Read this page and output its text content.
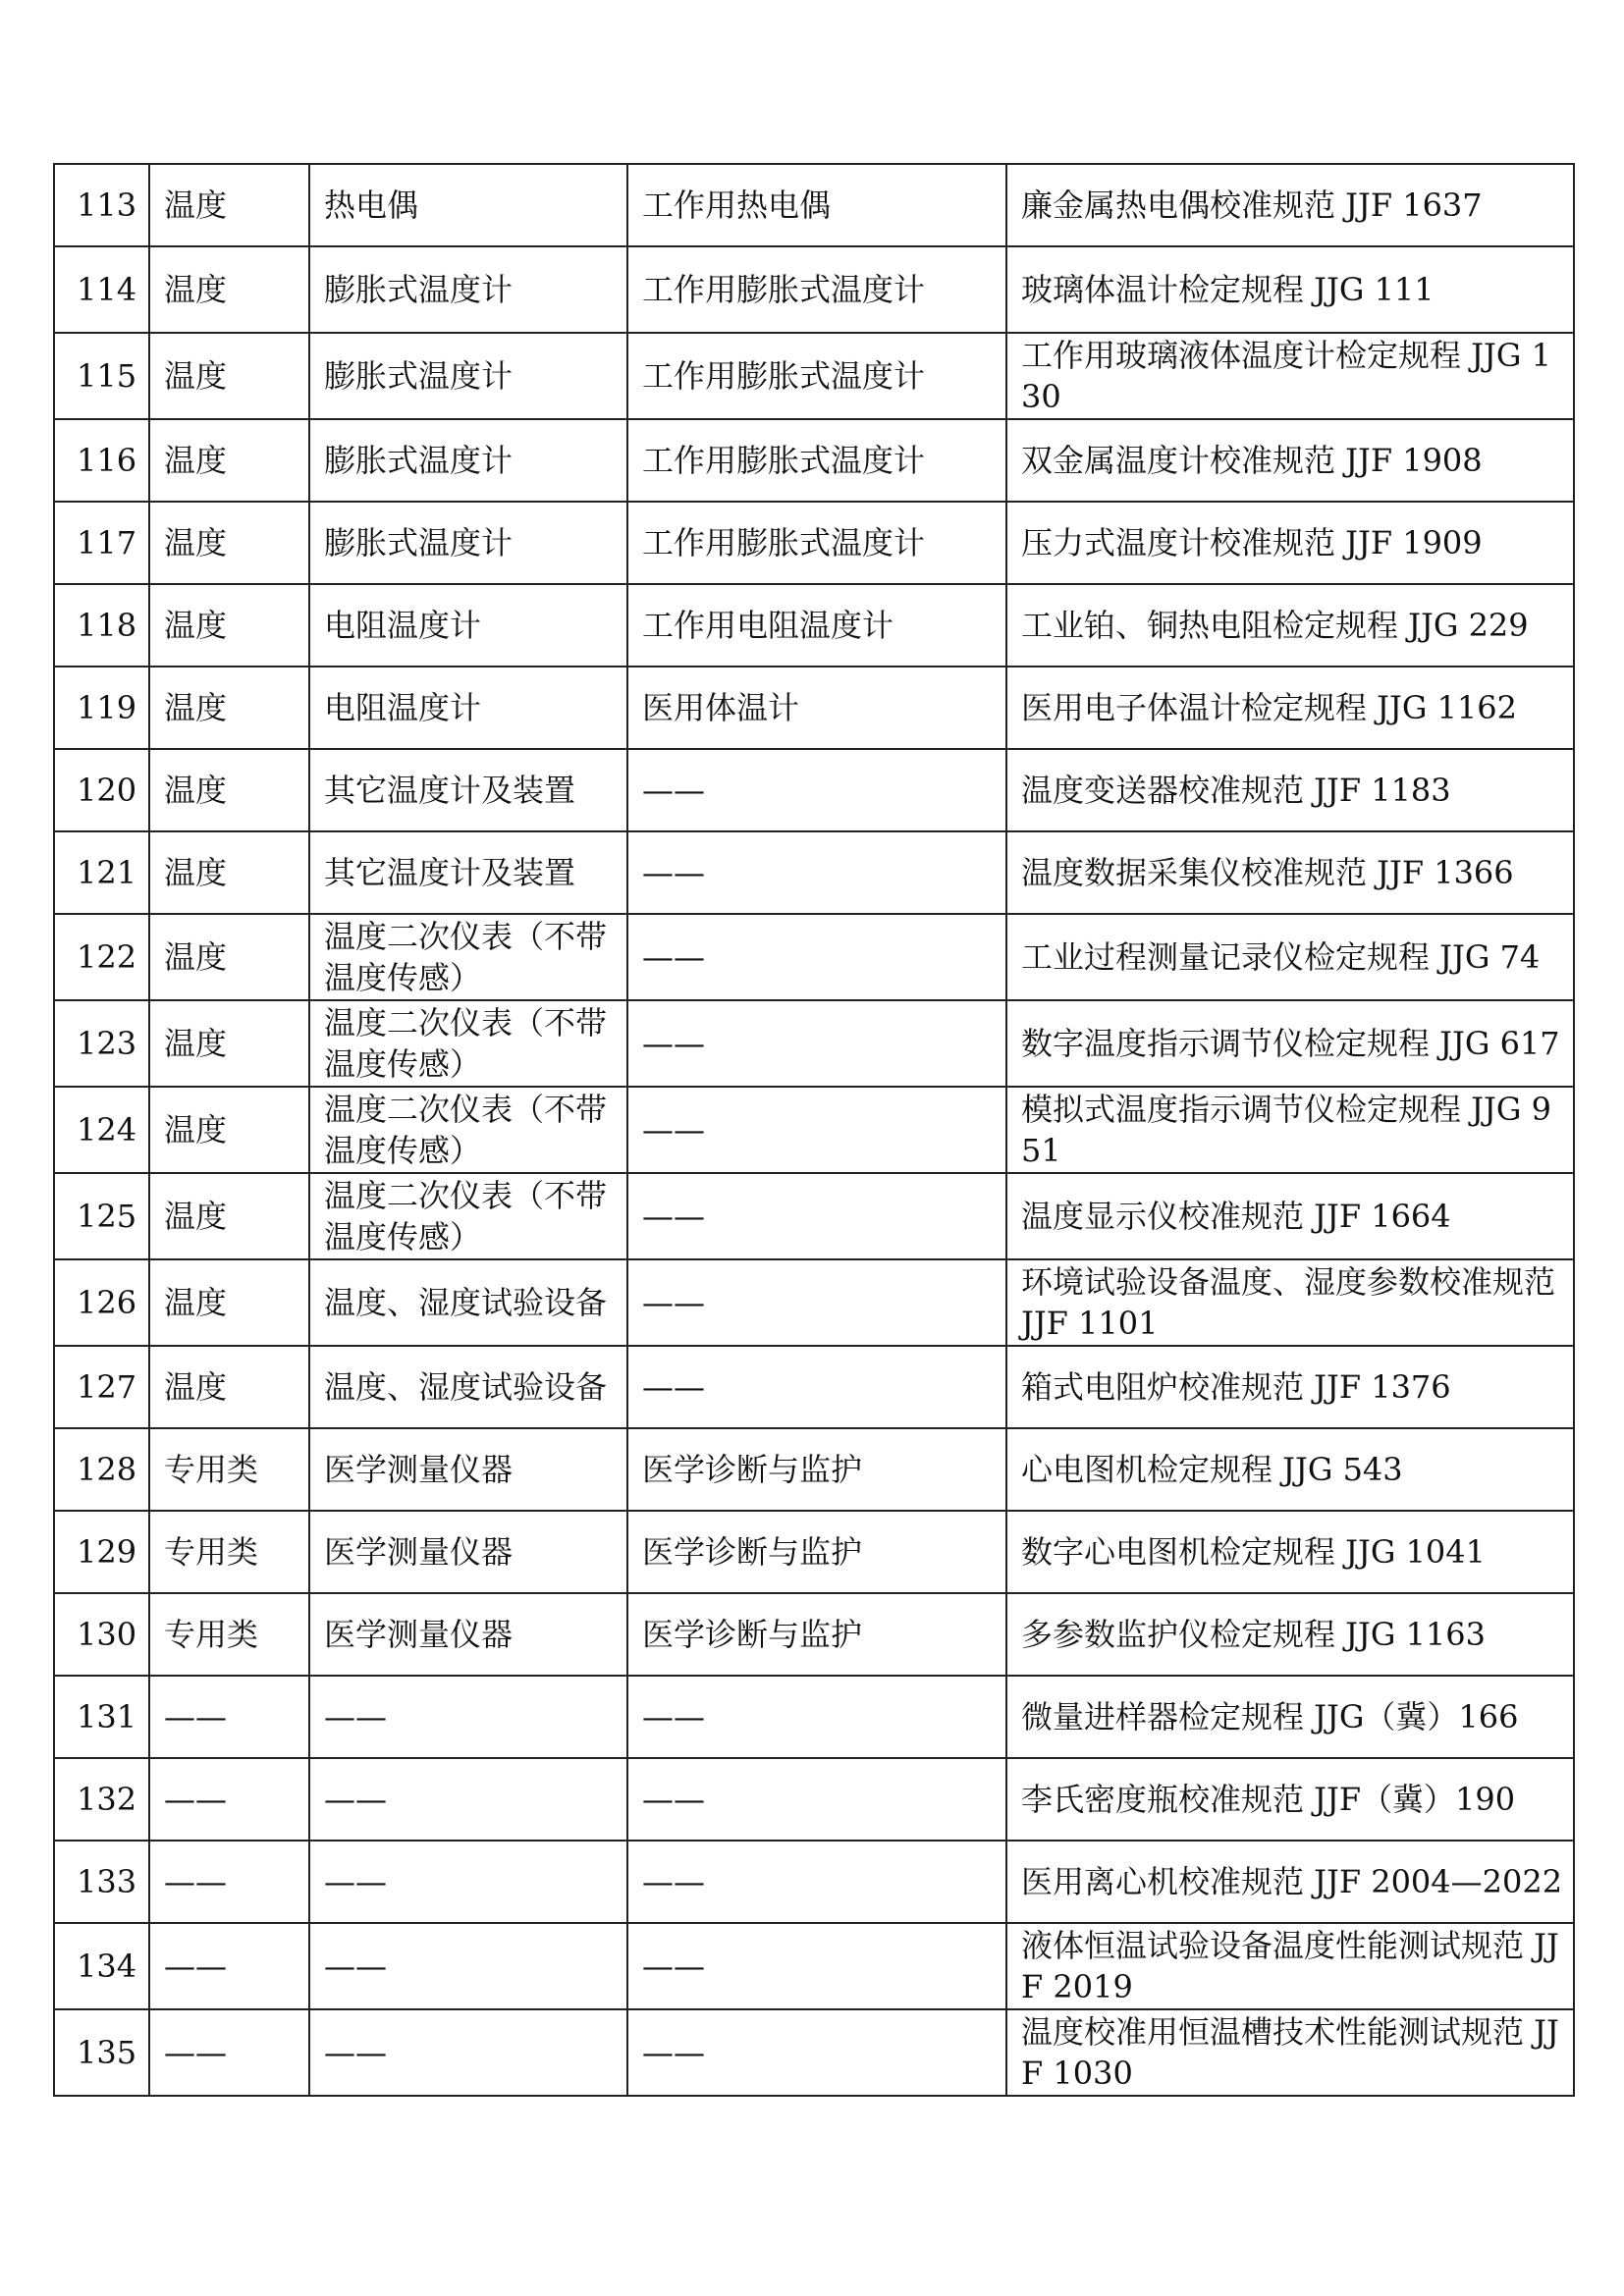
113	温度	热电偶	工作用热电偶	廉金属热电偶校准规范 JJF 1637
114	温度	膨胀式温度计	工作用膨胀式温度计	玻璃体温计检定规程 JJG 111
115	温度	膨胀式温度计	工作用膨胀式温度计	工作用玻璃液体温度计检定规程 JJG 130
116	温度	膨胀式温度计	工作用膨胀式温度计	双金属温度计校准规范 JJF 1908
117	温度	膨胀式温度计	工作用膨胀式温度计	压力式温度计校准规范 JJF 1909
118	温度	电阻温度计	工作用电阻温度计	工业铂、铜热电阻检定规程 JJG 229
119	温度	电阻温度计	医用体温计	医用电子体温计检定规程 JJG 1162
120	温度	其它温度计及装置	——	温度变送器校准规范 JJF 1183
121	温度	其它温度计及装置	——	温度数据采集仪校准规范 JJF 1366
122	温度	温度二次仪表（不带温度传感）	——	工业过程测量记录仪检定规程 JJG 74
123	温度	温度二次仪表（不带温度传感）	——	数字温度指示调节仪检定规程 JJG 617
124	温度	温度二次仪表（不带温度传感）	——	模拟式温度指示调节仪检定规程 JJG 951
125	温度	温度二次仪表（不带温度传感）	——	温度显示仪校准规范 JJF 1664
126	温度	温度、湿度试验设备	——	环境试验设备温度、湿度参数校准规范 JJF 1101
127	温度	温度、湿度试验设备	——	箱式电阻炉校准规范 JJF 1376
128	专用类	医学测量仪器	医学诊断与监护	心电图机检定规程 JJG 543
129	专用类	医学测量仪器	医学诊断与监护	数字心电图机检定规程 JJG 1041
130	专用类	医学测量仪器	医学诊断与监护	多参数监护仪检定规程 JJG 1163
131	——	——	——	微量进样器检定规程 JJG（冀）166
132	——	——	——	李氏密度瓶校准规范 JJF（冀）190
133	——	——	——	医用离心机校准规范 JJF 2004—2022
134	——	——	——	液体恒温试验设备温度性能测试规范 JJF 2019
135	——	——	——	温度校准用恒温槽技术性能测试规范 JJF 1030
